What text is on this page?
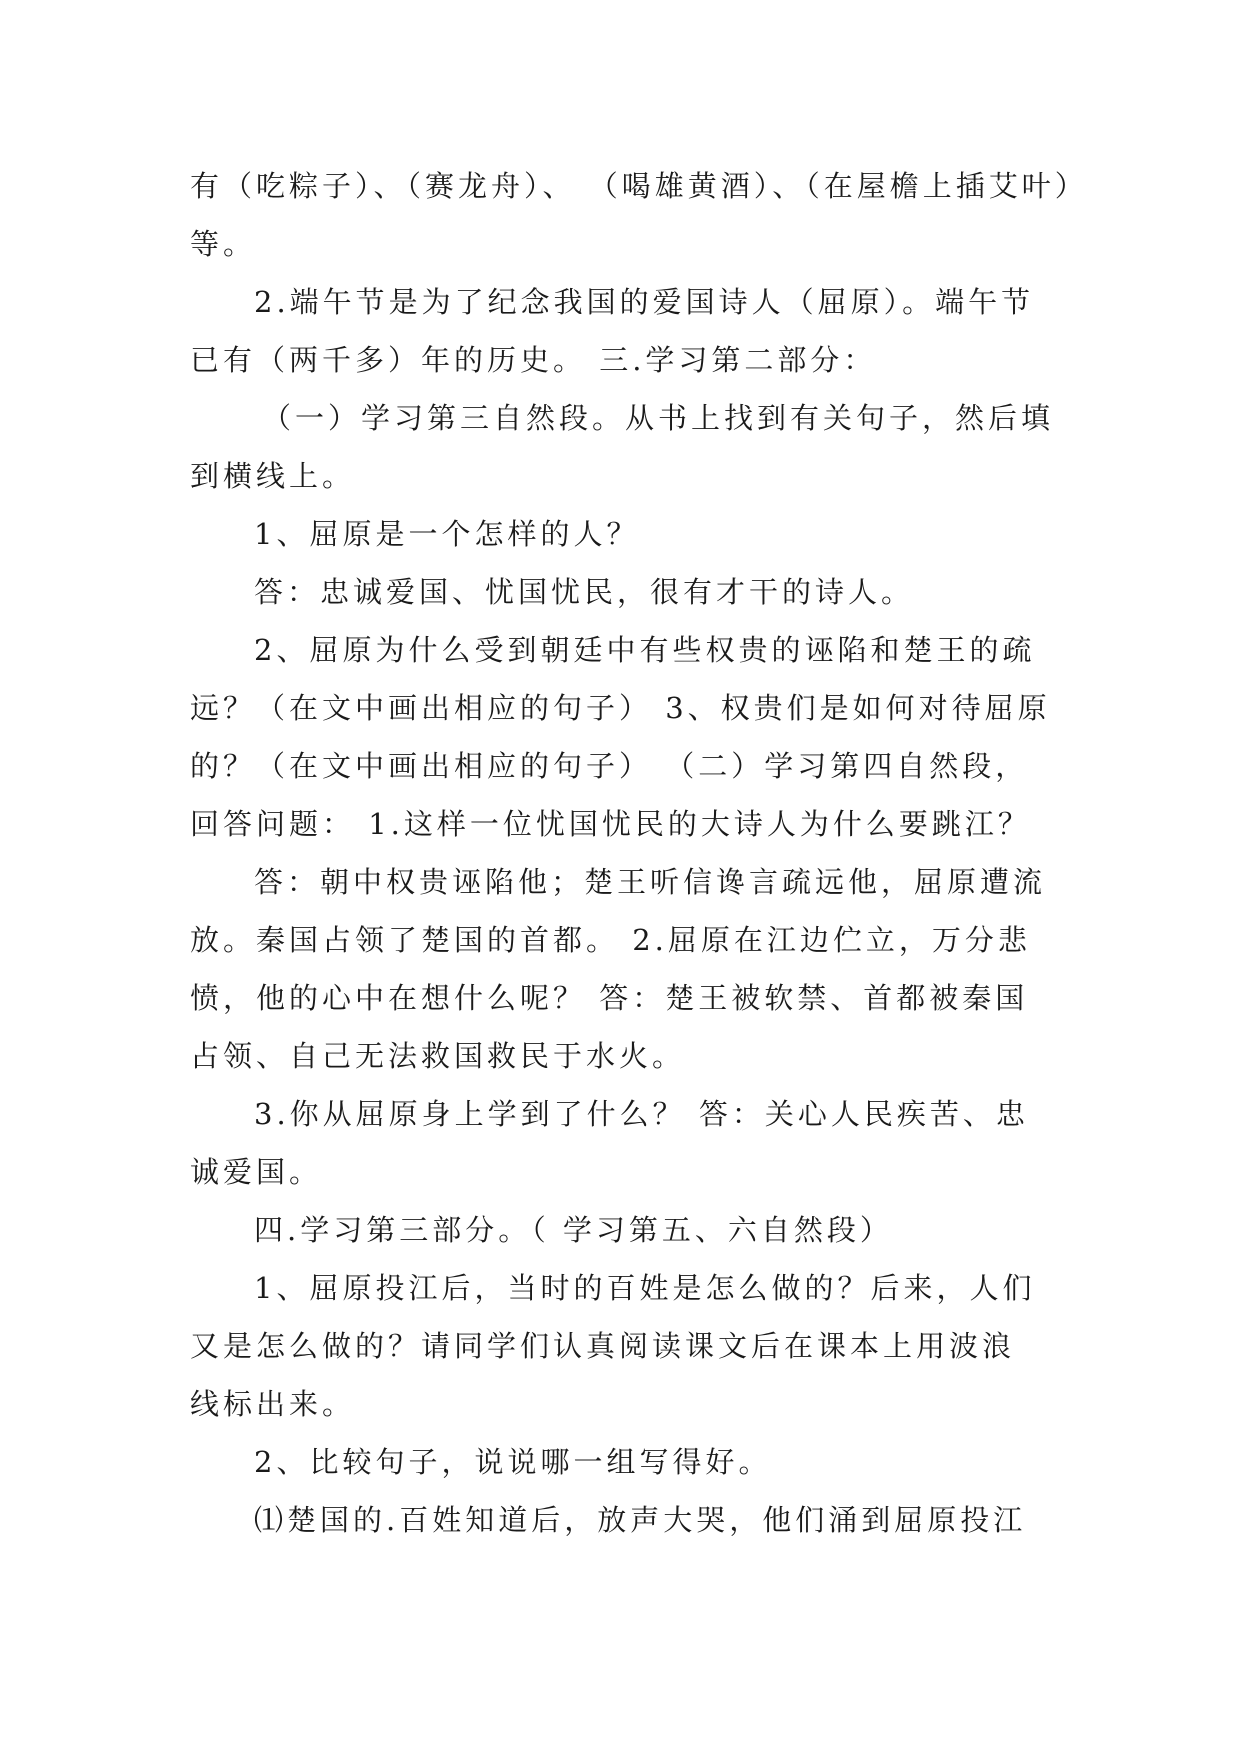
有（吃粽子）、（赛龙舟）、 （喝雄黄酒）、（在屋檐上插艾叶）
等。
2.端午节是为了纪念我国的爱国诗人（屈原）。端午节
已有（两千多）年的历史。 三.学习第二部分：
（一）学习第三自然段。从书上找到有关句子，然后填
到横线上。
1、屈原是一个怎样的人？
答：忠诚爱国、忧国忧民，很有才干的诗人。
2、屈原为什么受到朝廷中有些权贵的诬陷和楚王的疏
远？（在文中画出相应的句子） 3、权贵们是如何对待屈原
的？（在文中画出相应的句子） （二）学习第四自然段，
回答问题： 1.这样一位忧国忧民的大诗人为什么要跳江？
答：朝中权贵诬陷他；楚王听信谗言疏远他，屈原遭流
放。秦国占领了楚国的首都。 2.屈原在江边伫立，万分悲
愤，他的心中在想什么呢？ 答：楚王被软禁、首都被秦国
占领、自己无法救国救民于水火。
3.你从屈原身上学到了什么？ 答：关心人民疾苦、忠
诚爱国。
四.学习第三部分。（ 学习第五、六自然段）
1、屈原投江后，当时的百姓是怎么做的？后来，人们
又是怎么做的？请同学们认真阅读课文后在课本上用波浪
线标出来。
2、比较句子，说说哪一组写得好。
⑴楚国的.百姓知道后，放声大哭，他们涌到屈原投江
